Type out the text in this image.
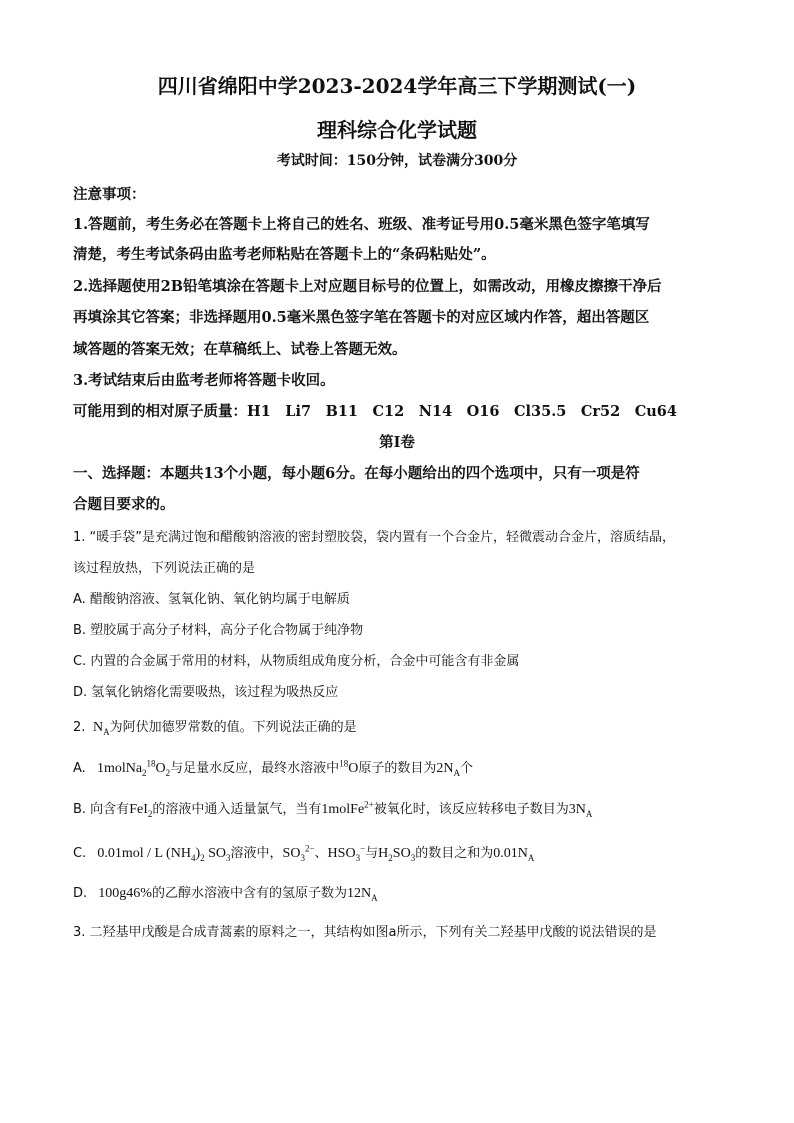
四川省绵阳中学2023-2024学年高三下学期测试(一)
理科综合化学试题
考试时间：150分钟，试卷满分300分
注意事项：
1.答题前，考生务必在答题卡上将自己的姓名、班级、准考证号用0.5毫米黑色签字笔填写
清楚，考生考试条码由监考老师粘贴在答题卡上的“条码粘贴处”。
2.选择题使用2B铅笔填涂在答题卡上对应题目标号的位置上，如需改动，用橡皮擦擦干净后
再填涂其它答案；非选择题用0.5毫米黑色签字笔在答题卡的对应区域内作答，超出答题区
域答题的答案无效；在草稿纸上、试卷上答题无效。
3.考试结束后由监考老师将答题卡收回。
可能用到的相对原子质量：H1　Li7　B11　C12　N14　O16　Cl35.5　Cr52　Cu64
第Ⅰ卷
一、选择题：本题共13个小题，每小题6分。在每小题给出的四个选项中，只有一项是符
合题目要求的。
1. “暖手袋”是充满过饱和醋酸钠溶液的密封塑胶袋，袋内置有一个合金片，轻微震动合金片，溶质结晶，
该过程放热，下列说法正确的是
A. 醋酸钠溶液、氢氧化钠、氧化钠均属于电解质
B. 塑胶属于高分子材料，高分子化合物属于纯净物
C. 内置的合金属于常用的材料，从物质组成角度分析，合金中可能含有非金属
D. 氢氧化钠熔化需要吸热，该过程为吸热反应
2.  $N_A$为阿伏加德罗常数的值。下列说法正确的是
A.   $1molNa_2^{18}O_2$与足量水反应，最终水溶液中$^{18}$O原子的数目为$2N_A$个
B. 向含有FeI$_2$的溶液中通入适量氯气，当有1molFe$^{2+}$被氧化时，该反应转移电子数目为$3N_A$
C.   0.01mol / L $(NH_4)_2$ $SO_3$溶液中，$SO_3^{2-}$、$HSO_3^-$与$H_2SO_3$的数目之和为$0.01N_A$
D.   100g46%的乙醇水溶液中含有的氢原子数为$12N_A$
3. 二羟基甲戊酸是合成青蒿素的原料之一，其结构如图a所示，下列有关二羟基甲戊酸的说法错误的是
